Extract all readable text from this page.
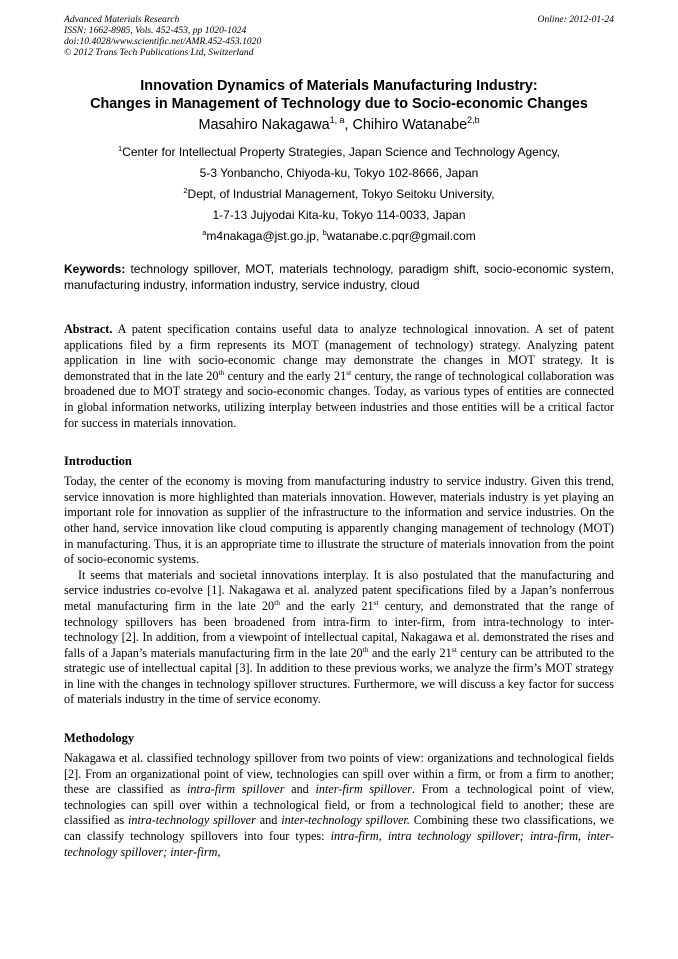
Advanced Materials Research
ISSN: 1662-8985, Vols. 452-453, pp 1020-1024
doi:10.4028/www.scientific.net/AMR.452-453.1020
© 2012 Trans Tech Publications Ltd, Switzerland
Online: 2012-01-24
Innovation Dynamics of Materials Manufacturing Industry:
Changes in Management of Technology due to Socio-economic Changes
Masahiro Nakagawa$^{1, a}$, Chihiro Watanabe$^{2,b}$
$^1$Center for Intellectual Property Strategies, Japan Science and Technology Agency,
5-3 Yonbancho, Chiyoda-ku, Tokyo 102-8666, Japan
$^2$Dept, of Industrial Management, Tokyo Seitoku University,
1-7-13 Jujyodai Kita-ku, Tokyo 114-0033, Japan
$^a$m4nakaga@jst.go.jp, $^b$watanabe.c.pqr@gmail.com
Keywords: technology spillover, MOT, materials technology, paradigm shift, socio-economic system, manufacturing industry, information industry, service industry, cloud

Abstract. A patent specification contains useful data to analyze technological innovation. A set of patent applications filed by a firm represents its MOT (management of technology) strategy. Analyzing patent application in line with socio-economic change may demonstrate the changes in MOT strategy. It is demonstrated that in the late 20th century and the early 21st century, the range of technological collaboration was broadened due to MOT strategy and socio-economic changes. Today, as various types of entities are connected in global information networks, utilizing interplay between industries and those entities will be a critical factor for success in materials innovation.

Introduction

Today, the center of the economy is moving from manufacturing industry to service industry. Given this trend, service innovation is more highlighted than materials innovation. However, materials industry is yet playing an important role for innovation as supplier of the infrastructure to the information and service industries. On the other hand, service innovation like cloud computing is apparently changing management of technology (MOT) in manufacturing. Thus, it is an appropriate time to illustrate the structure of materials innovation from the point of socio-economic systems.

It seems that materials and societal innovations interplay. It is also postulated that the manufacturing and service industries co-evolve [1]. Nakagawa et al. analyzed patent specifications filed by a Japan’s nonferrous metal manufacturing firm in the late 20th and the early 21st century, and demonstrated that the range of technology spillovers has been broadened from intra-firm to inter-firm, from intra-technology to inter-technology [2]. In addition, from a viewpoint of intellectual capital, Nakagawa et al. demonstrated the rises and falls of a Japan’s materials manufacturing firm in the late 20th and the early 21st century can be attributed to the strategic use of intellectual capital [3]. In addition to these previous works, we analyze the firm’s MOT strategy in line with the changes in technology spillover structures. Furthermore, we will discuss a key factor for success of materials industry in the time of service economy.

Methodology

Nakagawa et al. classified technology spillover from two points of view: organizations and technological fields [2]. From an organizational point of view, technologies can spill over within a firm, or from a firm to another; these are classified as intra-firm spillover and inter-firm spillover. From a technological point of view, technologies can spill over within a technological field, or from a technological field to another; these are classified as intra-technology spillover and inter-technology spillover. Combining these two classifications, we can classify technology spillovers into four types: intra-firm, intra technology spillover; intra-firm, inter-technology spillover; inter-firm,
